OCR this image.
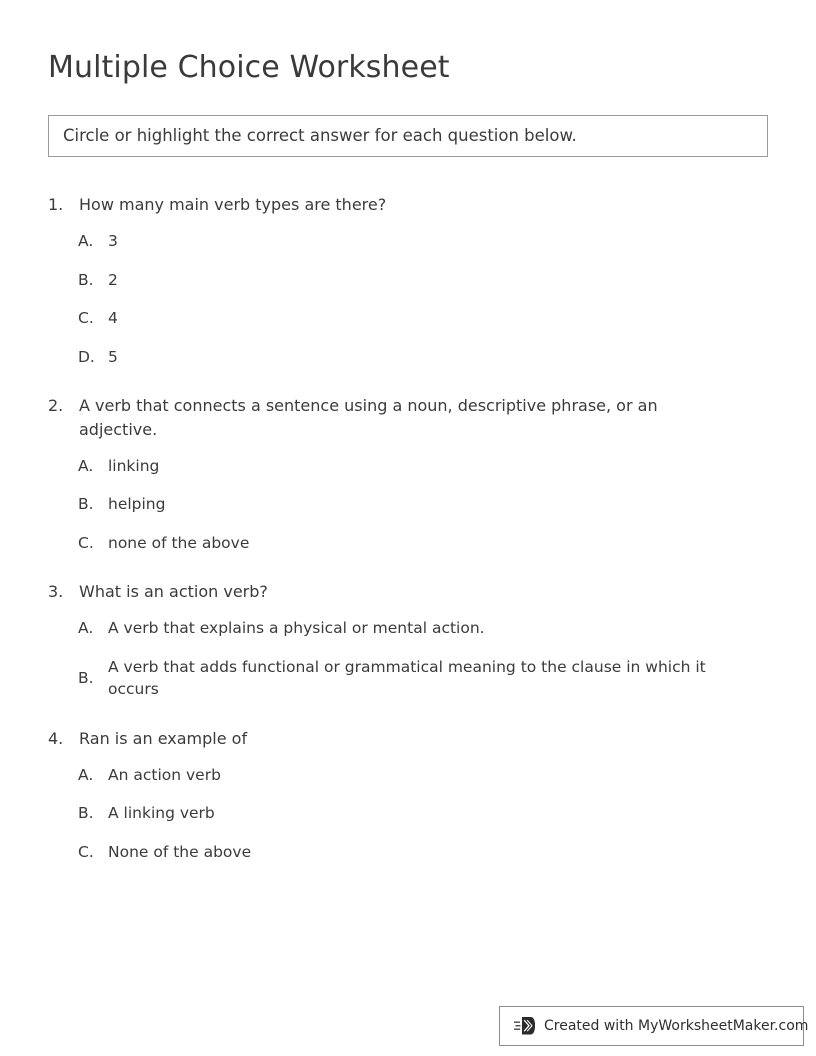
Multiple Choice Worksheet
Circle or highlight the correct answer for each question below.
1. How many main verb types are there?
A. 3
B. 2
C. 4
D. 5
2. A verb that connects a sentence using a noun, descriptive phrase, or an adjective.
A. linking
B. helping
C. none of the above
3. What is an action verb?
A. A verb that explains a physical or mental action.
B.
A verb that adds functional or grammatical meaning to the clause in which it occurs
4. Ran is an example of
A. An action verb
B. A linking verb
C. None of the above
Created with MyWorksheetMaker.com
